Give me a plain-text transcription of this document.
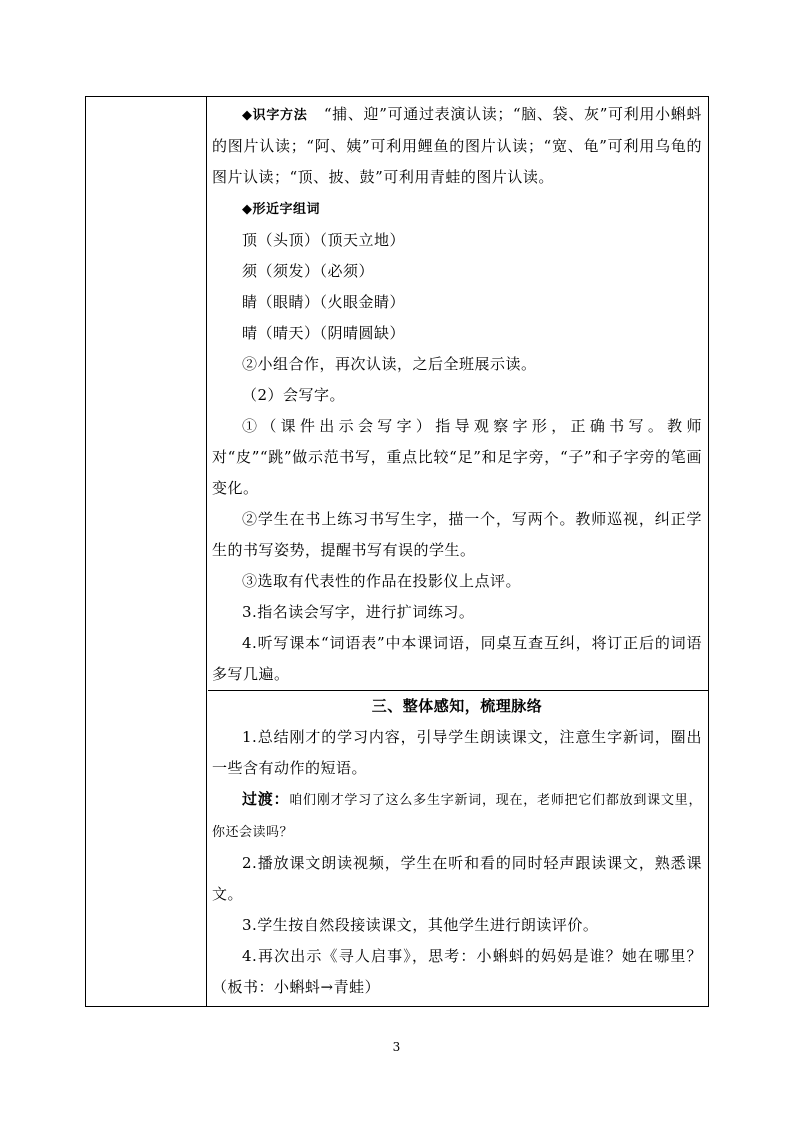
◆识字方法 “捕、迎”可通过表演认读；“脑、袋、灰”可利用小蝌蚪的图片认读；“阿、姨”可利用鲤鱼的图片认读；“宽、龟”可利用乌龟的图片认读；“顶、披、鼓”可利用青蛙的图片认读。

◆形近字组词

顶（头顶）（顶天立地）

须（须发）（必须）

睛（眼睛）（火眼金睛）

晴（晴天）（阴晴圆缺）

②小组合作，再次认读，之后全班展示读。

（2）会写字。

①（课件出示会写字）指导观察字形，正确书写。教师对“皮”“跳”做示范书写，重点比较“足”和足字旁，“子”和子字旁的笔画变化。

②学生在书上练习书写生字，描一个，写两个。教师巡视，纠正学生的书写姿势，提醒书写有误的学生。

③选取有代表性的作品在投影仪上点评。

3.指名读会写字，进行扩词练习。

4.听写课本“词语表”中本课词语，同桌互查互纠，将订正后的词语多写几遍。

三、整体感知，梳理脉络

1.总结刚才的学习内容，引导学生朗读课文，注意生字新词，圈出一些含有动作的短语。

过渡：咱们刚才学习了这么多生字新词，现在，老师把它们都放到课文里，你还会读吗？

2.播放课文朗读视频，学生在听和看的同时轻声跟读课文，熟悉课文。

3.学生按自然段接读课文，其他学生进行朗读评价。

4.再次出示《寻人启事》，思考：小蝌蚪的妈妈是谁？她在哪里？（板书：小蝌蚪→青蛙）

3
